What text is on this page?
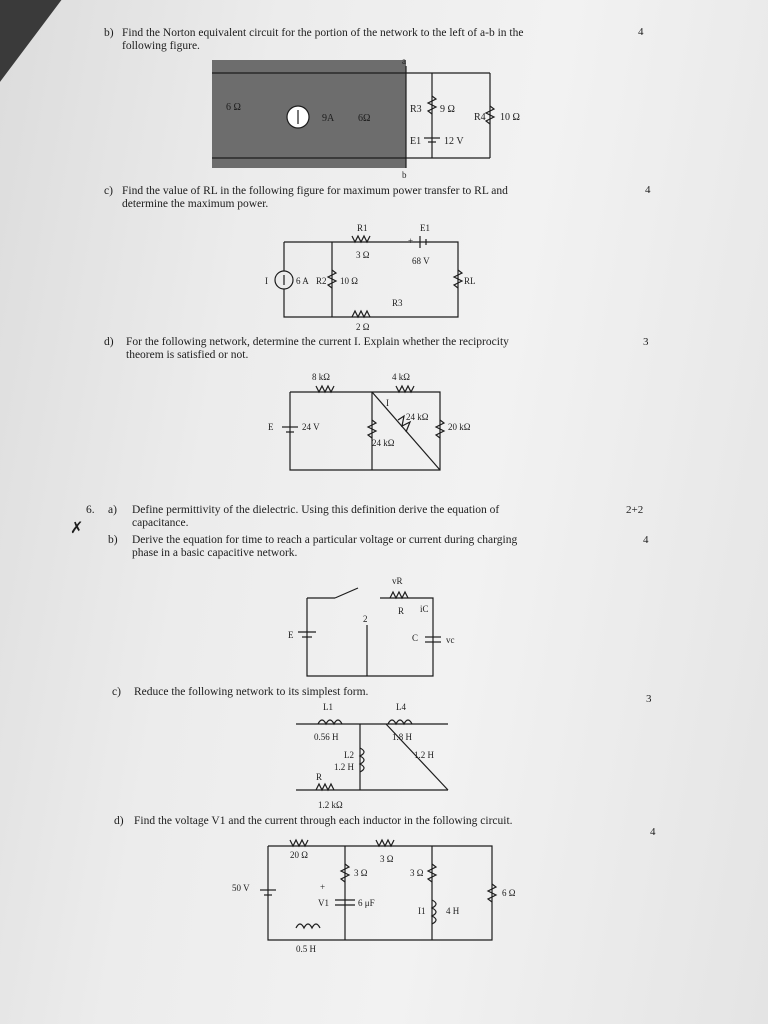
b) Find the Norton equivalent circuit for the portion of the network to the left of a-b in the
following figure.
4
c) Find the value of RL in the following figure for maximum power transfer to RL and
determine the maximum power.
4
d) For the following network, determine the current I. Explain whether the reciprocity
theorem is satisfied or not.
3
6.
✗
a) Define permittivity of the dielectric. Using this definition derive the equation of
capacitance.
2+2
b) Derive the equation for time to reach a particular voltage or current during charging
phase in a basic capacitive network.
4
c) Reduce the following network to its simplest form.
3
d) Find the voltage V1 and the current through each inductor in the following circuit.
4
R3 9 Ω
R4 10 Ω
E1 12 V
a
b
9A
6 Ω
6Ω
R1
3 Ω
E1
68 V
+
I	6 A R2 10 Ω	RL
R3
2 Ω
8 kΩ	4 kΩ
E	24 V
24 kΩ
24 kΩ
20 kΩ
I
E
R
C	vc
iC
vR
2
L1
0.56 H
L4
1.8 H
L2
1.2 H
1.2 H
R
1.2 kΩ
20 Ω
3 Ω
3 Ω
3 Ω
6 Ω
50 V
V1
+
6 μF
I1 4 H
0.5 H
